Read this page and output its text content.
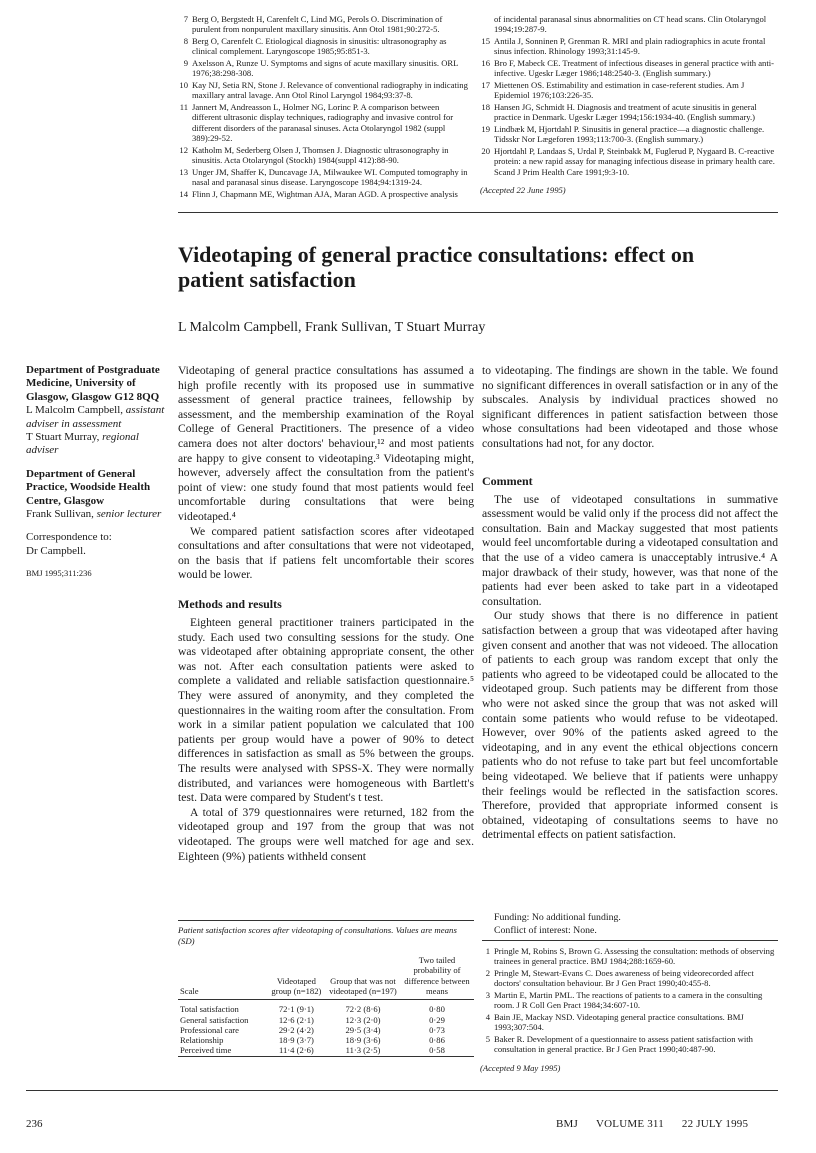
7 Berg O, Bergstedt H, Carenfelt C, Lind MG, Perols O. Discrimination of purulent from nonpurulent maxillary sinusitis. Ann Otol 1981;90:272-5.
8 Berg O, Carenfelt C. Etiological diagnosis in sinusitis: ultrasonography as clinical complement. Laryngoscope 1985;95:851-3.
9 Axelsson A, Runze U. Symptoms and signs of acute maxillary sinusitis. ORL 1976;38:298-308.
10 Kay NJ, Setia RN, Stone J. Relevance of conventional radiography in indicating maxillary antral lavage. Ann Otol Rinol Laryngol 1984;93:37-8.
11 Jannert M, Andreasson L, Holmer NG, Lorinc P. A comparison between different ultrasonic display techniques, radiography and invasive control for different disorders of the paranasal sinuses. Acta Otolaryngol 1982 (suppl 389):29-52.
12 Katholm M, Sederberg Olsen J, Thomsen J. Diagnostic ultrasonography in sinusitis. Acta Otolaryngol (Stockh) 1984(suppl 412):88-90.
13 Unger JM, Shaffer K, Duncavage JA, Milwaukee WI. Computed tomography in nasal and paranasal sinus disease. Laryngoscope 1984;94:1319-24.
14 Flinn J, Chapmann ME, Wightman AJA, Maran AGD. A prospective analysis
of incidental paranasal sinus abnormalities on CT head scans. Clin Otolaryngol 1994;19:287-9.
15 Antila J, Sonninen P, Grenman R. MRI and plain radiographics in acute frontal sinus infection. Rhinology 1993;31:145-9.
16 Bro F, Mabeck CE. Treatment of infectious diseases in general practice with anti-infective. Ugeskr Læger 1986;148:2540-3. (English summary.)
17 Miettenen OS. Estimability and estimation in case-referent studies. Am J Epidemiol 1976;103:226-35.
18 Hansen JG, Schmidt H. Diagnosis and treatment of acute sinusitis in general practice in Denmark. Ugeskr Læger 1994;156:1934-40. (English summary.)
19 Lindbæk M, Hjortdahl P. Sinusitis in general practice—a diagnostic challenge. Tidsskr Nor Lægeforen 1993;113:700-3. (English summary.)
20 Hjortdahl P, Landaas S, Urdal P, Steinbakk M, Fuglerud P, Nygaard B. C-reactive protein: a new rapid assay for managing infectious disease in primary health care. Scand J Prim Health Care 1991;9:3-10.
(Accepted 22 June 1995)
Videotaping of general practice consultations: effect on patient satisfaction
L Malcolm Campbell, Frank Sullivan, T Stuart Murray

Department of Postgraduate Medicine, University of Glasgow, Glasgow G12 8QQ
L Malcolm Campbell, assistant adviser in assessment
T Stuart Murray, regional adviser

Department of General Practice, Woodside Health Centre, Glasgow
Frank Sullivan, senior lecturer

Correspondence to:
Dr Campbell.

BMJ 1995;311:236

Videotaping of general practice consultations has assumed a high profile recently with its proposed use in summative assessment of general practice trainees, fellowship by assessment, and the membership examination of the Royal College of General Practitioners. The presence of a video camera does not alter doctors' behaviour,¹² and most patients are happy to give consent to videotaping.³ Videotaping might, however, adversely affect the consultation from the patient's point of view: one study found that most patients would feel uncomfortable during consultations that were being videotaped.⁴

We compared patient satisfaction scores after videotaped consultations and after consultations that were not videotaped, on the basis that if patiens felt uncomfortable their scores would be lower.

Methods and results

Eighteen general practitioner trainers participated in the study. Each used two consulting sessions for the study. One was videotaped after obtaining appropriate consent, the other was not. After each consultation patients were asked to complete a validated and reliable satisfaction questionnaire.⁵ They were assured of anonymity, and they completed the questionnaires in the waiting room after the consultation. From work in a similar patient population we calculated that 100 patients per group would have a power of 90% to detect differences in satisfaction as small as 5% between the groups. The results were analysed with SPSS-X. They were normally distributed, and variances were homogeneous with Bartlett's test. Data were compared by Student's t test.

A total of 379 questionnaires were returned, 182 from the videotaped group and 197 from the group that was not videotaped. The groups were well matched for age and sex. Eighteen (9%) patients withheld consent

Patient satisfaction scores after videotaping of consultations. Values are means (SD)
Scale	Videotaped group (n=182)	Group that was not videotaped (n=197)	Two tailed probability of difference between means
Total satisfaction	72·1 (9·1)	72·2 (8·6)	0·80
General satisfaction	12·6 (2·1)	12·3 (2·0)	0·29
Professional care	29·2 (4·2)	29·5 (3·4)	0·73
Relationship	18·9 (3·7)	18·9 (3·6)	0·86
Perceived time	11·4 (2·6)	11·3 (2·5)	0·58

to videotaping. The findings are shown in the table. We found no significant differences in overall satisfaction or in any of the subscales. Analysis by individual practices showed no significant differences in patient satisfaction between those whose consultations had been videotaped and those whose consultations had not, for any doctor.

Comment

The use of videotaped consultations in summative assessment would be valid only if the process did not affect the consultation. Bain and Mackay suggested that most patients would feel uncomfortable during a videotaped consultation and that the use of a video camera is unacceptably intrusive.⁴ A major drawback of their study, however, was that none of the patients had ever been asked to take part in a videotaped consultation.

Our study shows that there is no difference in patient satisfaction between a group that was videotaped after having given consent and another that was not videoed. The allocation of patients to each group was random except that only the patients who agreed to be videotaped could be allocated to the videotaped group. Such patients may be different from those who were not asked since the group that was not asked will contain some patients who would refuse to be videotaped. However, over 90% of the patients asked agreed to the videotaping, and in any event the ethical objections concern patients who do not refuse to take part but feel uncomfortable being videotaped. We believe that if patients were unhappy their feelings would be reflected in the satisfaction scores. Therefore, provided that appropriate informed consent is obtained, videotaping of consultations seems to have no detrimental effects on patient satisfaction.

Funding: No additional funding.
Conflict of interest: None.
1 Pringle M, Robins S, Brown G. Assessing the consultation: methods of observing trainees in general practice. BMJ 1984;288:1659-60.
2 Pringle M, Stewart-Evans C. Does awareness of being videorecorded affect doctors' consultation behaviour. Br J Gen Pract 1990;40:455-8.
3 Martin E, Martin PML. The reactions of patients to a camera in the consulting room. J R Coll Gen Pract 1984;34:607-10.
4 Bain JE, Mackay NSD. Videotaping general practice consultations. BMJ 1993;307:504.
5 Baker R. Development of a questionnaire to assess patient satisfaction with consultation in general practice. Br J Gen Pract 1990;40:487-90.
(Accepted 9 May 1995)
236	BMJ VOLUME 311 22 JULY 1995
